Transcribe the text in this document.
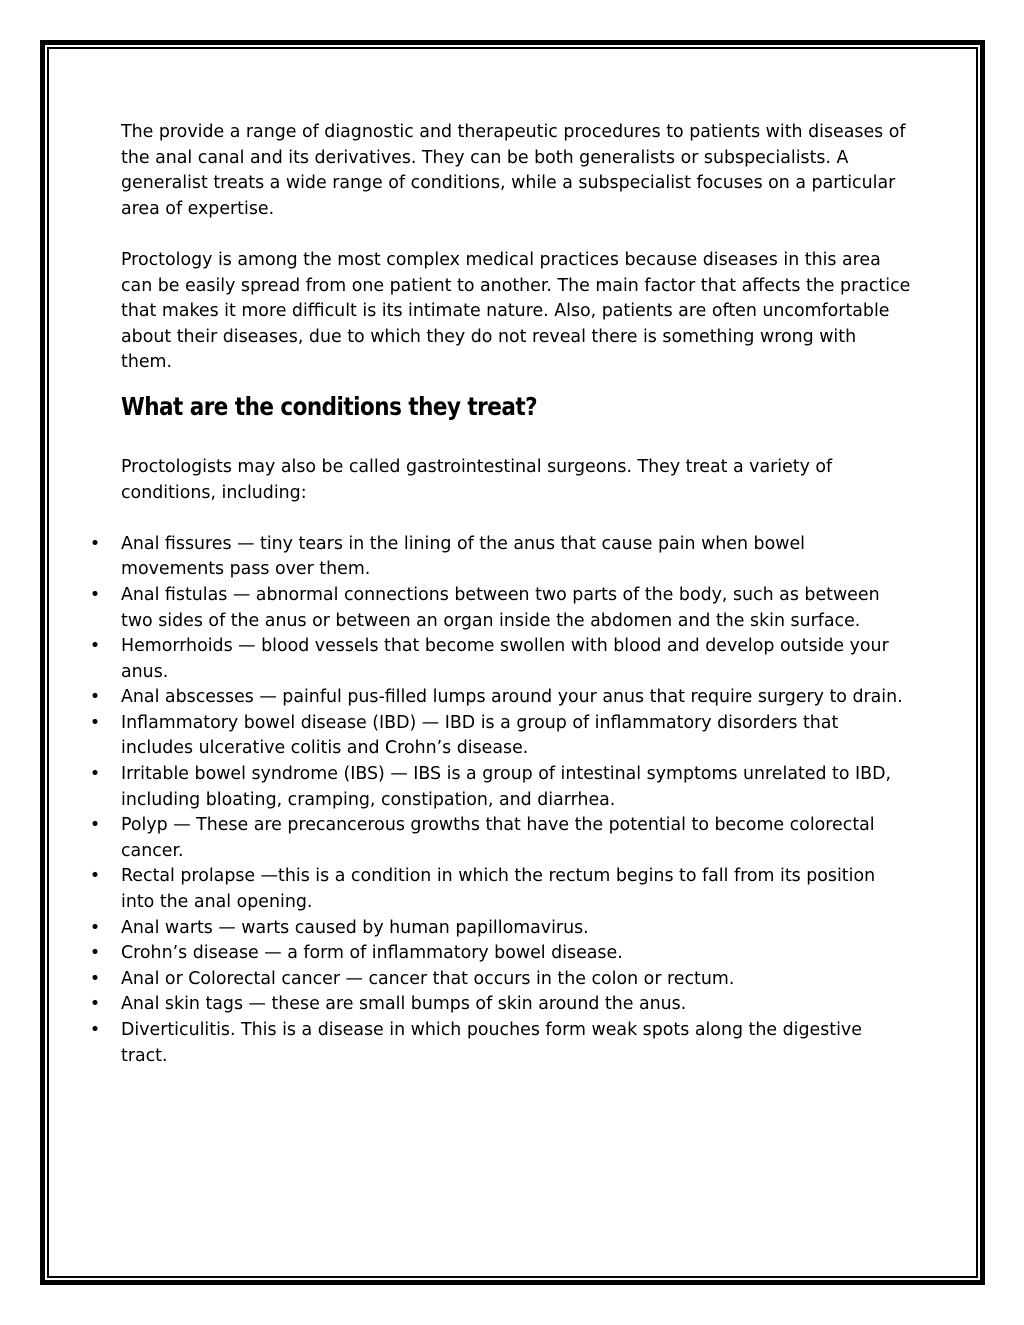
The provide a range of diagnostic and therapeutic procedures to patients with diseases of the anal canal and its derivatives. They can be both generalists or subspecialists. A generalist treats a wide range of conditions, while a subspecialist focuses on a particular area of expertise.

Proctology is among the most complex medical practices because diseases in this area can be easily spread from one patient to another. The main factor that affects the practice that makes it more difficult is its intimate nature. Also, patients are often uncomfortable about their diseases, due to which they do not reveal there is something wrong with them.

What are the conditions they treat?

Proctologists may also be called gastrointestinal surgeons. They treat a variety of conditions, including:

• Anal fissures — tiny tears in the lining of the anus that cause pain when bowel movements pass over them.
• Anal fistulas — abnormal connections between two parts of the body, such as between two sides of the anus or between an organ inside the abdomen and the skin surface.
• Hemorrhoids — blood vessels that become swollen with blood and develop outside your anus.
• Anal abscesses — painful pus-filled lumps around your anus that require surgery to drain.
• Inflammatory bowel disease (IBD) — IBD is a group of inflammatory disorders that includes ulcerative colitis and Crohn’s disease.
• Irritable bowel syndrome (IBS) — IBS is a group of intestinal symptoms unrelated to IBD, including bloating, cramping, constipation, and diarrhea.
• Polyp — These are precancerous growths that have the potential to become colorectal cancer.
• Rectal prolapse —this is a condition in which the rectum begins to fall from its position into the anal opening.
• Anal warts — warts caused by human papillomavirus.
• Crohn’s disease — a form of inflammatory bowel disease.
• Anal or Colorectal cancer — cancer that occurs in the colon or rectum.
• Anal skin tags — these are small bumps of skin around the anus.
• Diverticulitis. This is a disease in which pouches form weak spots along the digestive tract.
